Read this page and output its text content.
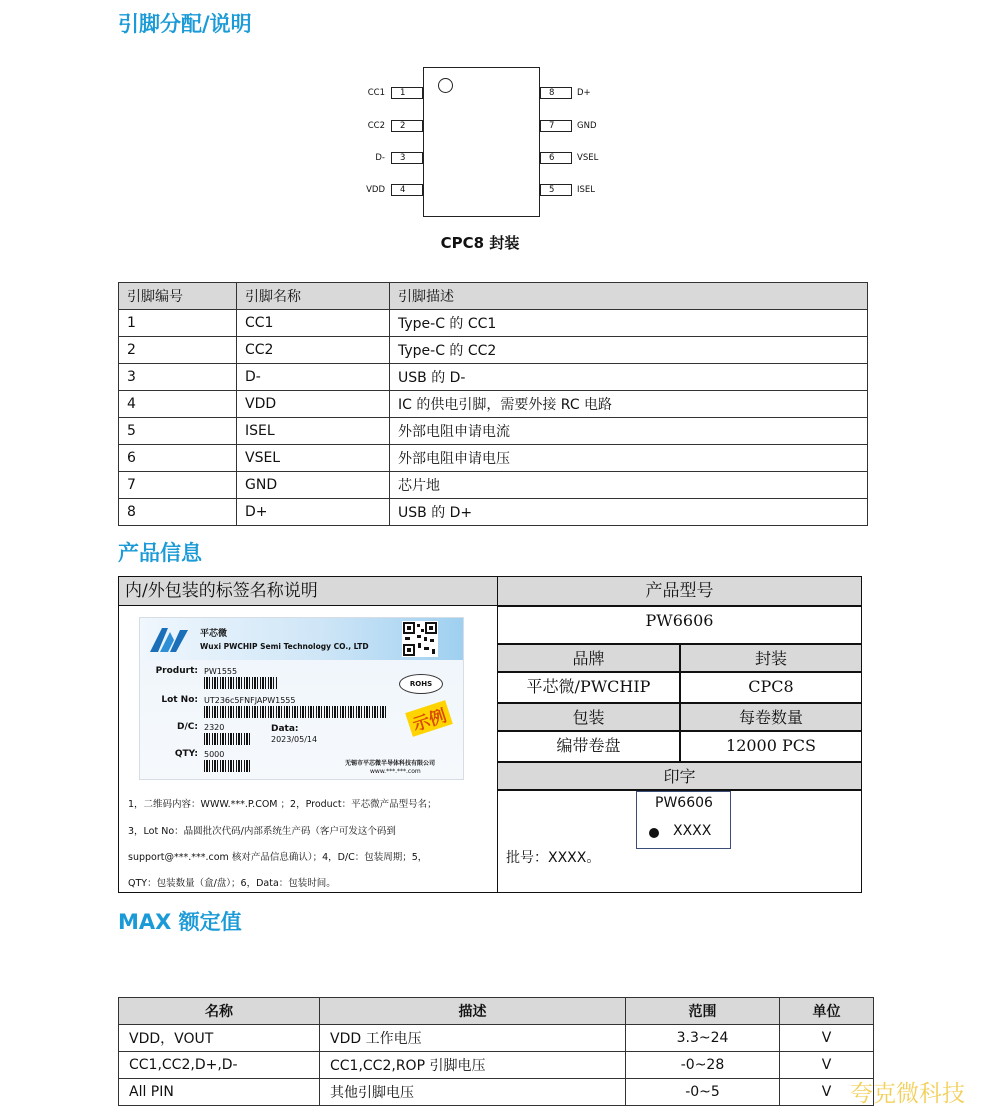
引脚分配/说明
CC1	1
CC2	2
D-	3
VDD	4
8	D+
7	GND
6	VSEL
5	ISEL
CPC8 封装
引脚编号	引脚名称	引脚描述
1	CC1	Type-C 的 CC1
2	CC2	Type-C 的 CC2
3	D-	USB 的 D-
4	VDD	IC 的供电引脚，需要外接 RC 电路
5	ISEL	外部电阻申请电流
6	VSEL	外部电阻申请电压
7	GND	芯片地
8	D+	USB 的 D+
产品信息
内/外包装的标签名称说明
平芯微
Wuxi PWCHIP Semi Technology CO., LTD
Produrt: PW1555
Lot No: UT236c5FNFJAPW1555
D/C: 2320	Data:
2023/05/14
QTY: 5000
ROHS
示例
无锡市平芯微半导体科技有限公司
www.***.***.com
1，二维码内容：WWW.***.P.COM ；2，Product：平芯微产品型号名；
3，Lot No：晶圆批次代码/内部系统生产码（客户可发这个码到
support@***.***.com 核对产品信息确认）；4，D/C：包装周期；5，
QTY：包装数量（盒/盘）；6，Data：包装时间。
产品型号
PW6606
品牌	封装
平芯微/PWCHIP	CPC8
包装	每卷数量
编带卷盘	12000 PCS
印字
PW6606
XXXX
批号：XXXX。
MAX 额定值
名称	描述	范围	单位
VDD，VOUT	VDD 工作电压	3.3~24	V
CC1,CC2,D+,D-	CC1,CC2,ROP 引脚电压	-0~28	V
All PIN	其他引脚电压	-0~5	V 夸克微科技
